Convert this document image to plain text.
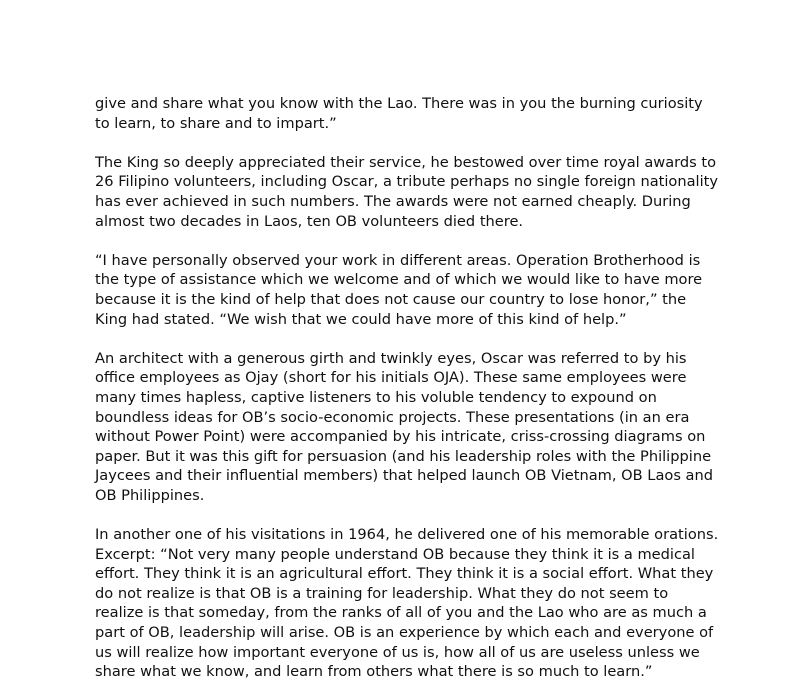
give and share what you know with the Lao. There was in you the burning curiosity to learn, to share and to impart.”

The King so deeply appreciated their service, he bestowed over time royal awards to 26 Filipino volunteers, including Oscar, a tribute perhaps no single foreign nationality has ever achieved in such numbers. The awards were not earned cheaply. During almost two decades in Laos, ten OB volunteers died there.

“I have personally observed your work in different areas. Operation Brotherhood is the type of assistance which we welcome and of which we would like to have more because it is the kind of help that does not cause our country to lose honor,” the King had stated. “We wish that we could have more of this kind of help.”

An architect with a generous girth and twinkly eyes, Oscar was referred to by his office employees as Ojay (short for his initials OJA). These same employees were many times hapless, captive listeners to his voluble tendency to expound on boundless ideas for OB’s socio-economic projects. These presentations (in an era without Power Point) were accompanied by his intricate, criss-crossing diagrams on paper. But it was this gift for persuasion (and his leadership roles with the Philippine Jaycees and their influential members) that helped launch OB Vietnam, OB Laos and OB Philippines.

In another one of his visitations in 1964, he delivered one of his memorable orations. Excerpt: “Not very many people understand OB because they think it is a medical effort. They think it is an agricultural effort. They think it is a social effort. What they do not realize is that OB is a training for leadership. What they do not seem to realize is that someday, from the ranks of all of you and the Lao who are as much a part of OB, leadership will arise. OB is an experience by which each and everyone of us will realize how important everyone of us is, how all of us are useless unless we share what we know, and learn from others what there is so much to learn.”
